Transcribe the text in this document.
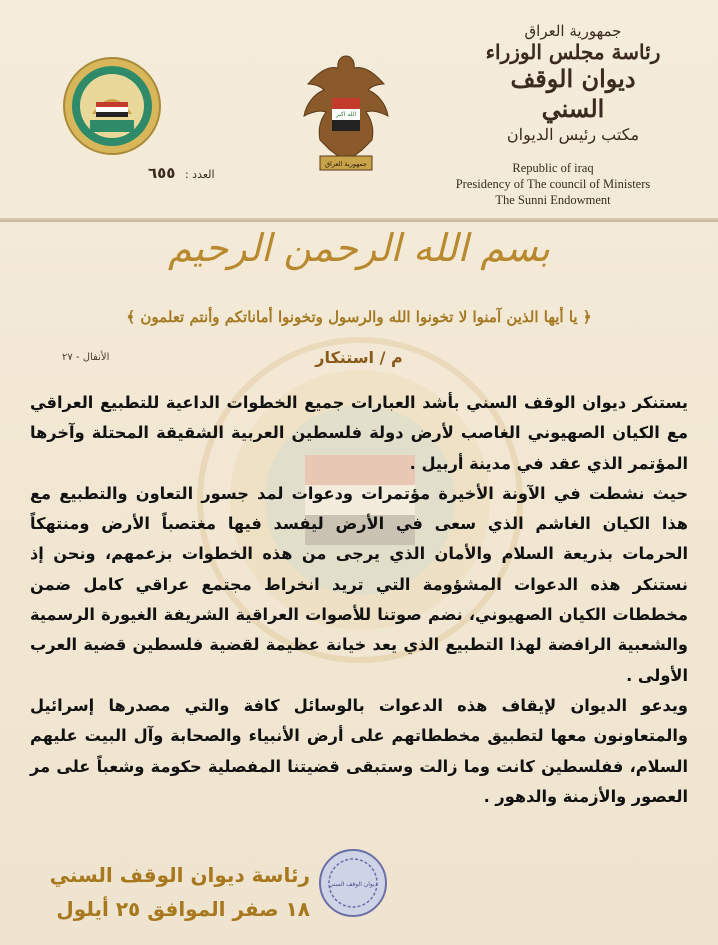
الله اكبر
جمهورية العراق
جمهورية العراق
رئاسة مجلس الوزراء
ديوان الوقف السني
مكتب رئيس الديوان
Republic of iraq
Presidency of The council of Ministers
The Sunni Endowment
العدد : ٦٥٥
بسم الله الرحمن الرحيم
﴿ يا أيها الذين آمنوا لا تخونوا الله والرسول وتخونوا أماناتكم وأنتم تعلمون ﴾
م / استنكار
الأنفال - ٢٧

يستنكر ديوان الوقف السني بأشد العبارات جميع الخطوات الداعية للتطبيع العراقي مع الكيان الصهيوني الغاصب لأرض دولة فلسطين العربية الشقيقة المحتلة وآخرها المؤتمر الذي عقد في مدينة أربيل .

حيث نشطت في الآونة الأخيرة مؤتمرات ودعوات لمد جسور التعاون والتطبيع مع هذا الكيان الغاشم الذي سعى في الأرض ليفسد فيها مغتصباً الأرض ومنتهكاً الحرمات بذريعة السلام والأمان الذي يرجى من هذه الخطوات بزعمهم، ونحن إذ نستنكر هذه الدعوات المشؤومة التي تريد انخراط مجتمع عراقي كامل ضمن مخططات الكيان الصهيوني، نضم صوتنا للأصوات العراقية الشريفة الغيورة الرسمية والشعبية الرافضة لهذا التطبيع الذي يعد خيانة عظيمة لقضية فلسطين قضية العرب الأولى .

ويدعو الديوان لإيقاف هذه الدعوات بالوسائل كافة والتي مصدرها إسرائيل والمتعاونون معها لتطبيق مخططاتهم على أرض الأنبياء والصحابة وآل البيت عليهم السلام، ففلسطين كانت وما زالت وستبقى قضيتنا المفصلية حكومة وشعباً على مر العصور والأزمنة والدهور .

ديوان الوقف السني
رئاسة ديوان الوقف السني
١٨ صفر الموافق ٢٥ أيلول
